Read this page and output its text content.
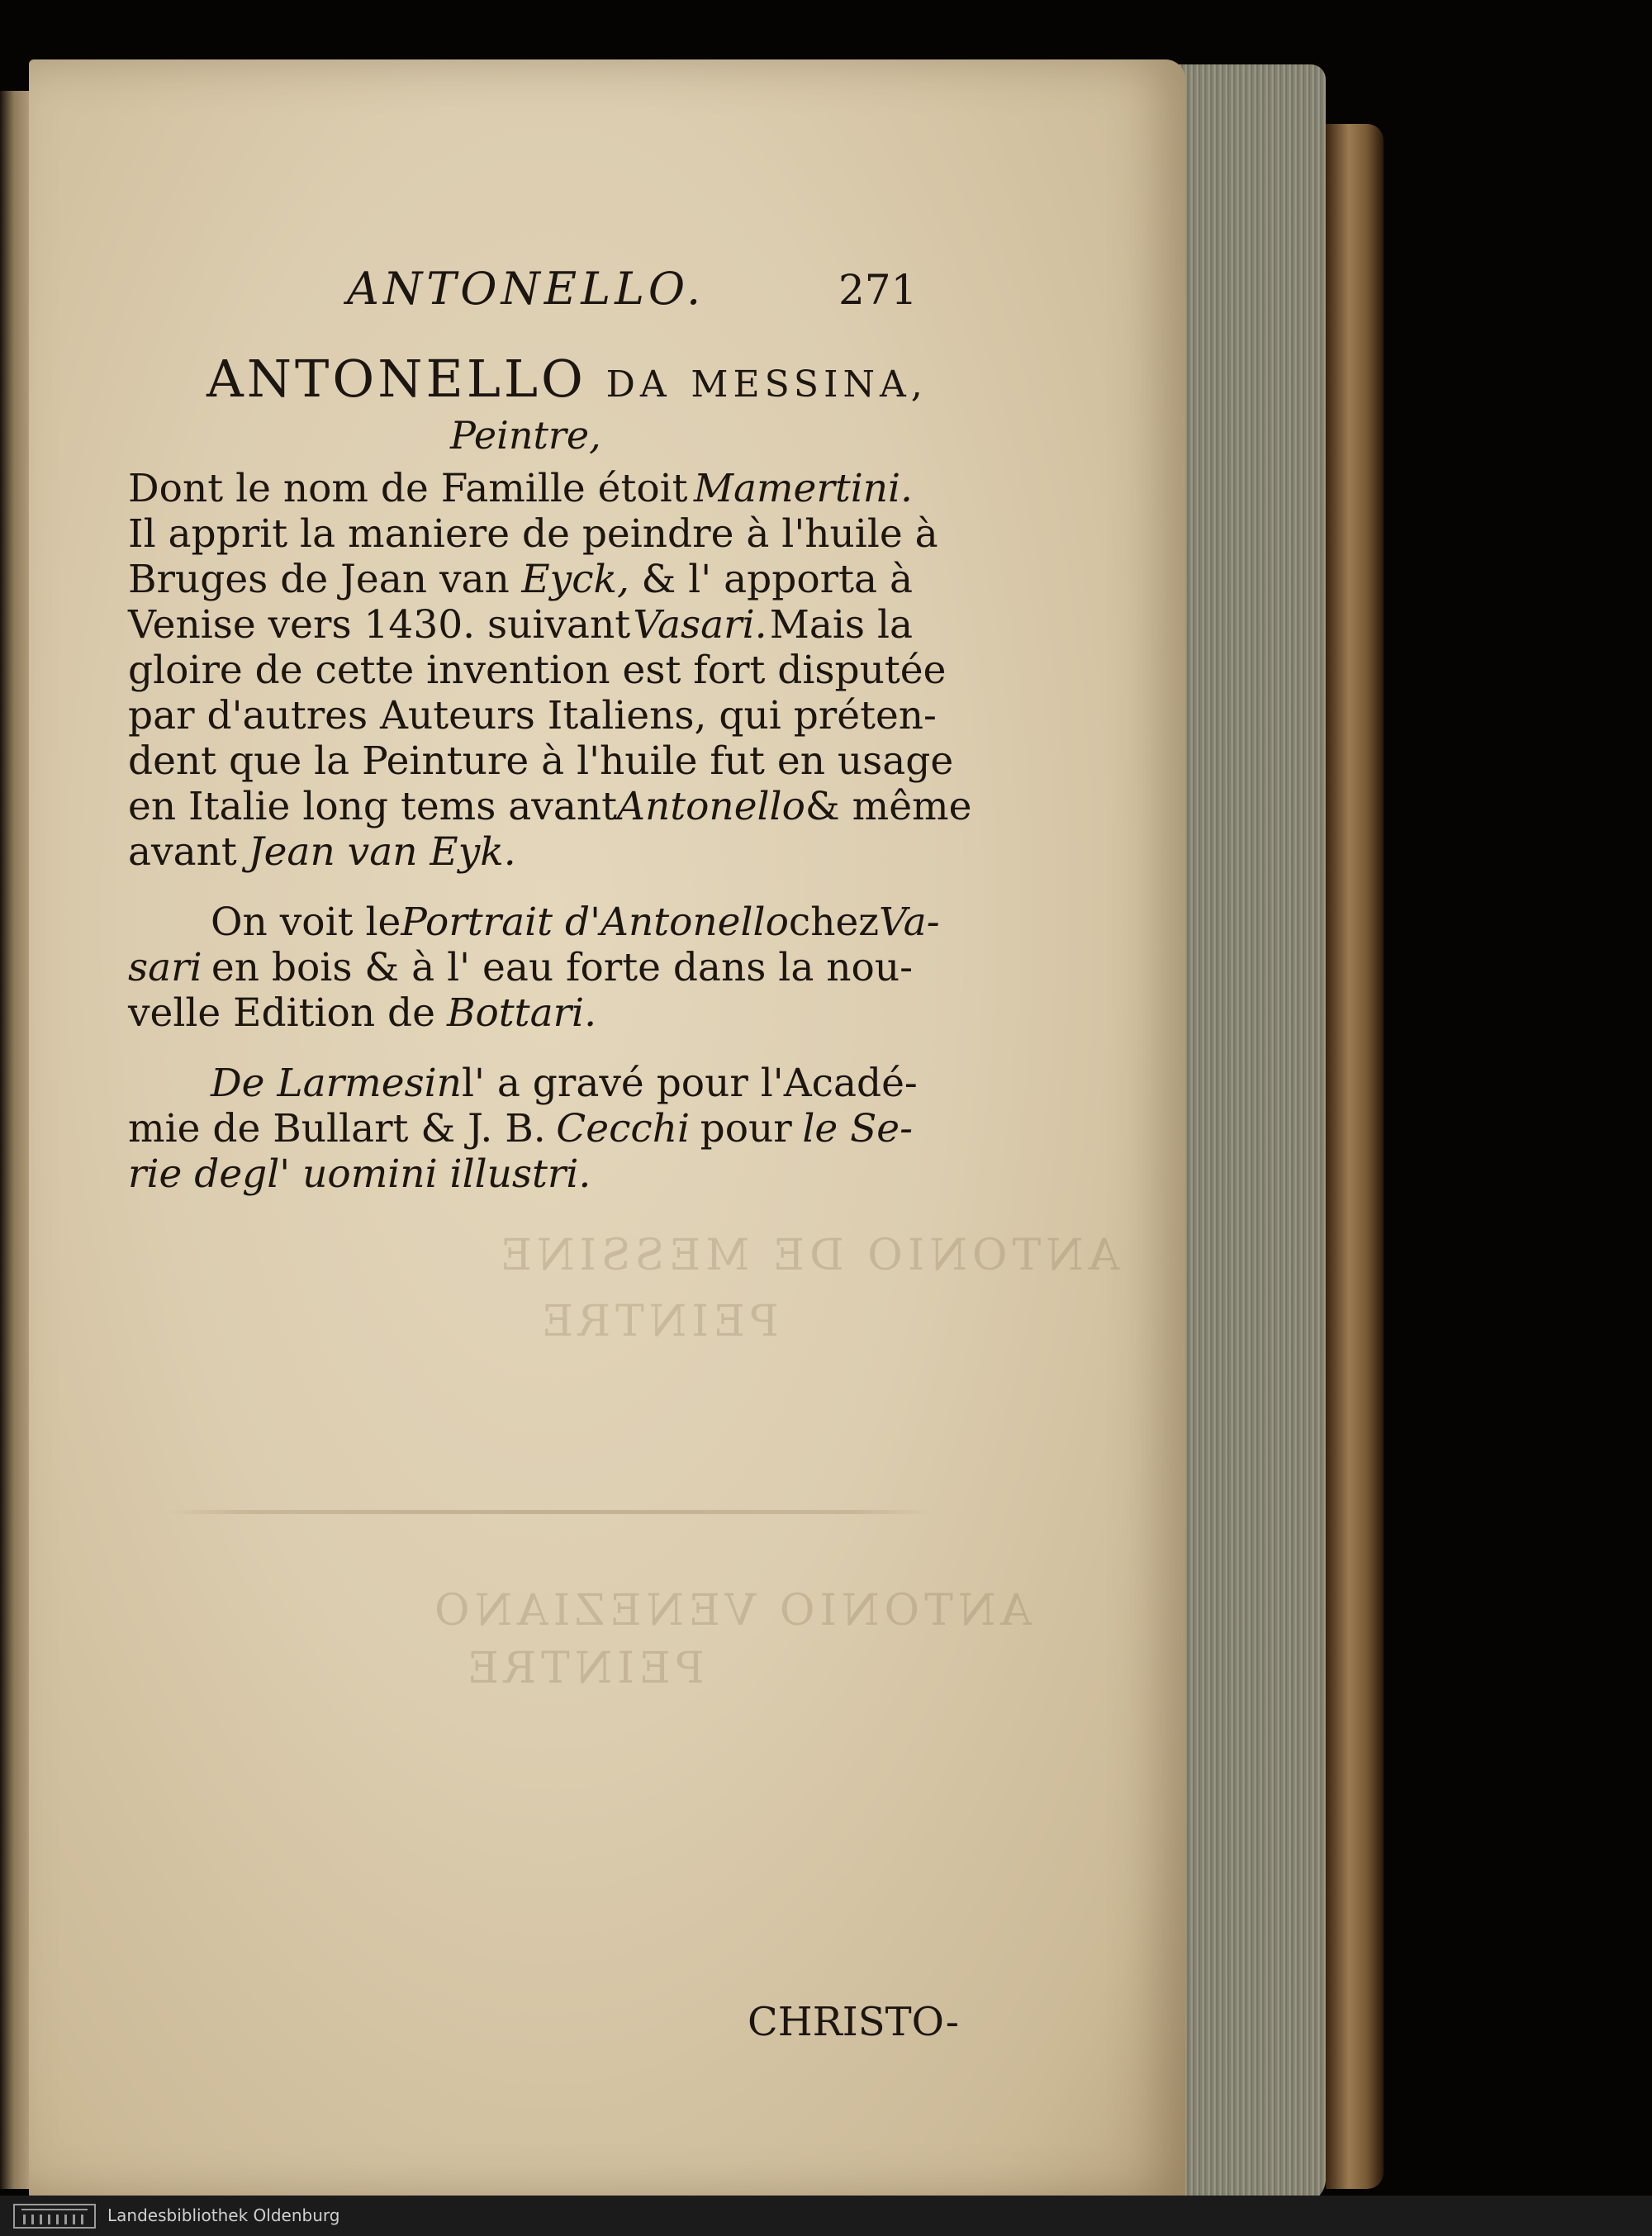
ANTONIO DE MESSINE
PEINTRE
ANTONIO VENEZIANO
PEINTRE
ANTONELLO.	271
ANTONELLO DA MESSINA,
Peintre,
Dont le nom de Famille étoit Mamertini.
Il apprit la maniere de peindre à l'huile à
Bruges de Jean van Eyck, & l' apporta à
Venise vers 1430. suivant Vasari. Mais la
gloire de cette invention est fort disputée
par d'autres Auteurs Italiens, qui préten-
dent que la Peinture à l'huile fut en usage
en Italie long tems avant Antonello & même
avant Jean van Eyk.
On voit le Portrait d'Antonello chez Va-
sari en bois & à l' eau forte dans la nou-
velle Edition de Bottari.
De Larmesin l' a gravé pour l'Acadé-
mie de Bullart & J. B. Cecchi pour le Se-
rie degl' uomini illustri.
CHRISTO-
Landesbibliothek Oldenburg
